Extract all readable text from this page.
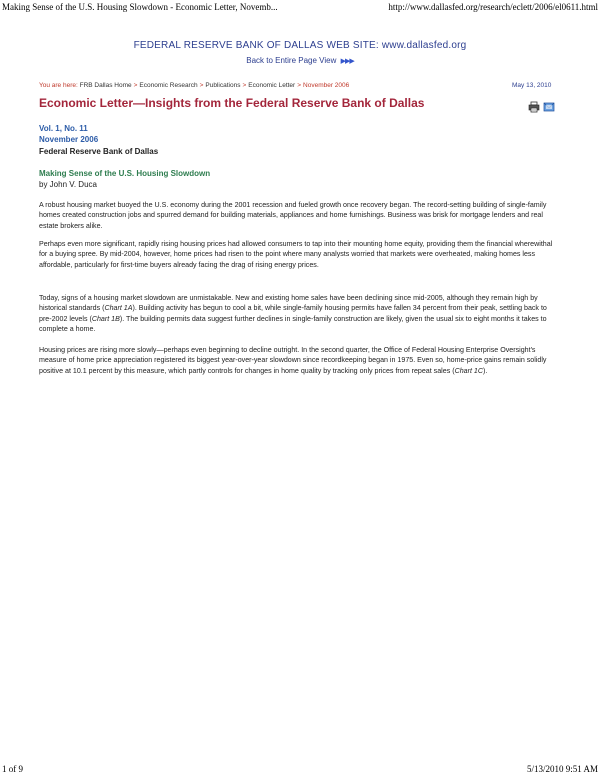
Making Sense of the U.S. Housing Slowdown - Economic Letter, Novemb...	http://www.dallasfed.org/research/eclett/2006/el0611.html
FEDERAL RESERVE BANK OF DALLAS WEB SITE: www.dallasfed.org
Back to Entire Page View ▶▶▶
You are here: FRB Dallas Home > Economic Research > Publications > Economic Letter > November 2006	May 13, 2010
Economic Letter—Insights from the Federal Reserve Bank of Dallas
Vol. 1, No. 11
November 2006
Federal Reserve Bank of Dallas
Making Sense of the U.S. Housing Slowdown
by John V. Duca
A robust housing market buoyed the U.S. economy during the 2001 recession and fueled growth once recovery began. The record-setting building of single-family homes created construction jobs and spurred demand for building materials, appliances and home furnishings. Business was brisk for mortgage lenders and real estate brokers alike.
Perhaps even more significant, rapidly rising housing prices had allowed consumers to tap into their mounting home equity, providing them the financial wherewithal for a buying spree. By mid-2004, however, home prices had risen to the point where many analysts worried that markets were overheated, making homes less affordable, particularly for first-time buyers already facing the drag of rising energy prices.
Today, signs of a housing market slowdown are unmistakable. New and existing home sales have been declining since mid-2005, although they remain high by historical standards (Chart 1A). Building activity has begun to cool a bit, while single-family housing permits have fallen 34 percent from their peak, settling back to pre-2002 levels (Chart 1B). The building permits data suggest further declines in single-family construction are likely, given the usual six to eight months it takes to complete a home.
Housing prices are rising more slowly—perhaps even beginning to decline outright. In the second quarter, the Office of Federal Housing Enterprise Oversight's measure of home price appreciation registered its biggest year-over-year slowdown since recordkeeping began in 1975. Even so, home-price gains remain solidly positive at 10.1 percent by this measure, which partly controls for changes in home quality by tracking only prices from repeat sales (Chart 1C).
1 of 9	5/13/2010 9:51 AM
